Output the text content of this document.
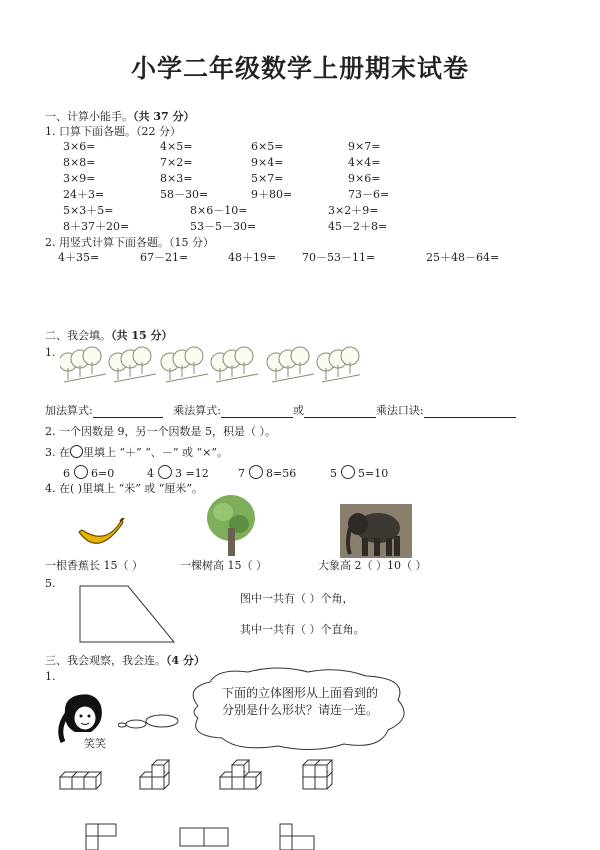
小学二年级数学上册期末试卷
一、计算小能手。（共 37 分）
1. 口算下面各题。（22 分）
3×6=	4×5=	6×5=	9×7=
8×8=	7×2=	9×4=	4×4=
3×9=	8×3=	5×7=	9×6=
24＋3=	58－30=	9＋80=	73－6=
5×3＋5=	8×6－10=	3×2＋9=
8＋37＋20=	53－5－30=	45－2＋8=
2. 用竖式计算下面各题。（15 分）
4＋35=	67－21=	48＋19= 70－53－11=	25＋48－64=
二、我会填。（共 15 分）
1.
加法算式:	乘法算式:	或	乘法口诀:
2. 一个因数是 9，另一个因数是 5，积是（ ）。
3. 在 里填上 “＋” “、－” 或 “×”。
6 6=0	4 3 =12	7 8=56	5 5=10
4. 在( )里填上 “米” 或 “厘米”。
一根香蕉长 15（ ）	一棵树高 15（ ）	大象高 2（ ）10（ ）
5.
图中一共有（ ）个角，
其中一共有（ ）个直角。
三、我会观察，我会连。（4 分）
1.
笑笑
下面的立体图形从上面看到的分别是什么形状？请连一连。
